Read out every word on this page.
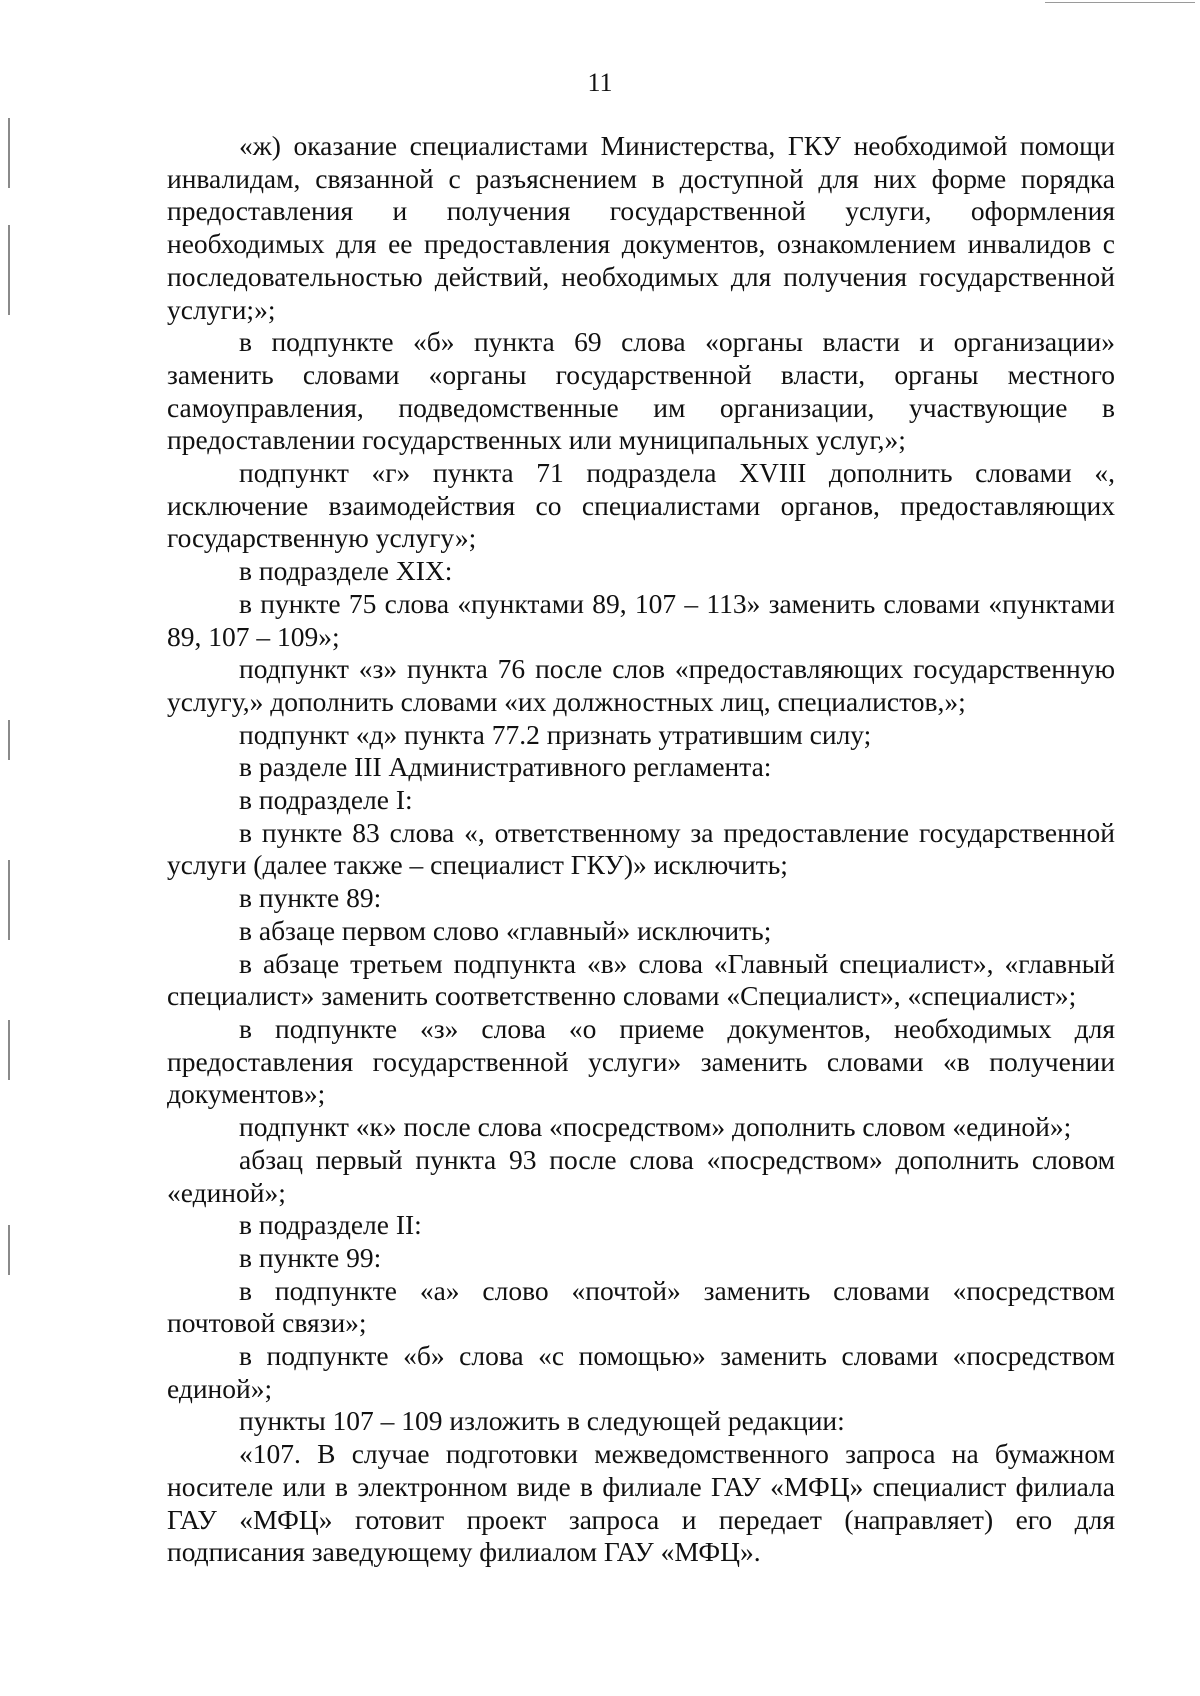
11

«ж) оказание специалистами Министерства, ГКУ необходимой помощи инвалидам, связанной с разъяснением в доступной для них форме порядка предоставления и получения государственной услуги, оформления необходимых для ее предоставления документов, ознакомлением инвалидов с последовательностью действий, необходимых для получения государственной услуги;»;

в подпункте «б» пункта 69 слова «органы власти и организации» заменить словами «органы государственной власти, органы местного самоуправления, подведомственные им организации, участвующие в предоставлении государственных или муниципальных услуг,»;

подпункт «г» пункта 71 подраздела XVIII дополнить словами «, исключение взаимодействия со специалистами органов, предоставляющих государственную услугу»;

в подразделе XIX:

в пункте 75 слова «пунктами 89, 107 – 113» заменить словами «пунктами 89, 107 – 109»;

подпункт «з» пункта 76 после слов «предоставляющих государственную услугу,» дополнить словами «их должностных лиц, специалистов,»;

подпункт «д» пункта 77.2 признать утратившим силу;

в разделе III Административного регламента:

в подразделе I:

в пункте 83 слова «, ответственному за предоставление государственной услуги (далее также – специалист ГКУ)» исключить;

в пункте 89:

в абзаце первом слово «главный» исключить;

в абзаце третьем подпункта «в» слова «Главный специалист», «главный специалист» заменить соответственно словами «Специалист», «специалист»;

в подпункте «з» слова «о приеме документов, необходимых для предоставления государственной услуги» заменить словами «в получении документов»;

подпункт «к» после слова «посредством» дополнить словом «единой»;

абзац первый пункта 93 после слова «посредством» дополнить словом «единой»;

в подразделе II:

в пункте 99:

в подпункте «а» слово «почтой» заменить словами «посредством почтовой связи»;

в подпункте «б» слова «с помощью» заменить словами «посредством единой»;

пункты 107 – 109 изложить в следующей редакции:

«107. В случае подготовки межведомственного запроса на бумажном носителе или в электронном виде в филиале ГАУ «МФЦ» специалист филиала ГАУ «МФЦ» готовит проект запроса и передает (направляет) его для подписания заведующему филиалом ГАУ «МФЦ».
